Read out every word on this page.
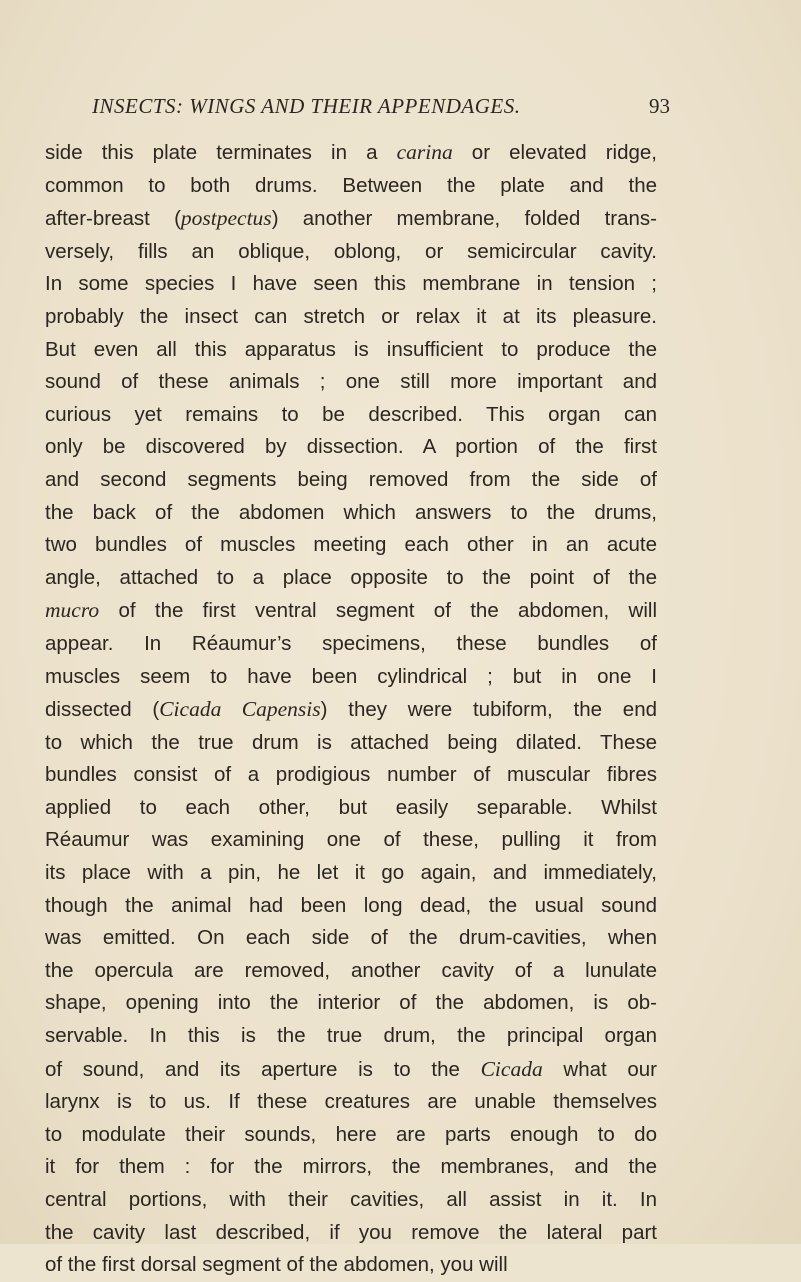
INSECTS: WINGS AND THEIR APPENDAGES.	93
side this plate terminates in a carina or elevated ridge,
common to both drums. Between the plate and the
after-breast (postpectus) another membrane, folded trans-
versely, fills an oblique, oblong, or semicircular cavity.
In some species I have seen this membrane in tension ;
probably the insect can stretch or relax it at its pleasure.
But even all this apparatus is insufficient to produce the
sound of these animals ; one still more important and
curious yet remains to be described. This organ can
only be discovered by dissection. A portion of the first
and second segments being removed from the side of
the back of the abdomen which answers to the drums,
two bundles of muscles meeting each other in an acute
angle, attached to a place opposite to the point of the
mucro of the first ventral segment of the abdomen, will
appear. In Réaumur’s specimens, these bundles of
muscles seem to have been cylindrical ; but in one I
dissected (Cicada Capensis) they were tubiform, the end
to which the true drum is attached being dilated. These
bundles consist of a prodigious number of muscular fibres
applied to each other, but easily separable. Whilst
Réaumur was examining one of these, pulling it from
its place with a pin, he let it go again, and immediately,
though the animal had been long dead, the usual sound
was emitted. On each side of the drum-cavities, when
the opercula are removed, another cavity of a lunulate
shape, opening into the interior of the abdomen, is ob-
servable. In this is the true drum, the principal organ
of sound, and its aperture is to the Cicada what our
larynx is to us. If these creatures are unable themselves
to modulate their sounds, here are parts enough to do
it for them : for the mirrors, the membranes, and the
central portions, with their cavities, all assist in it. In
the cavity last described, if you remove the lateral part
of the first dorsal segment of the abdomen, you will
